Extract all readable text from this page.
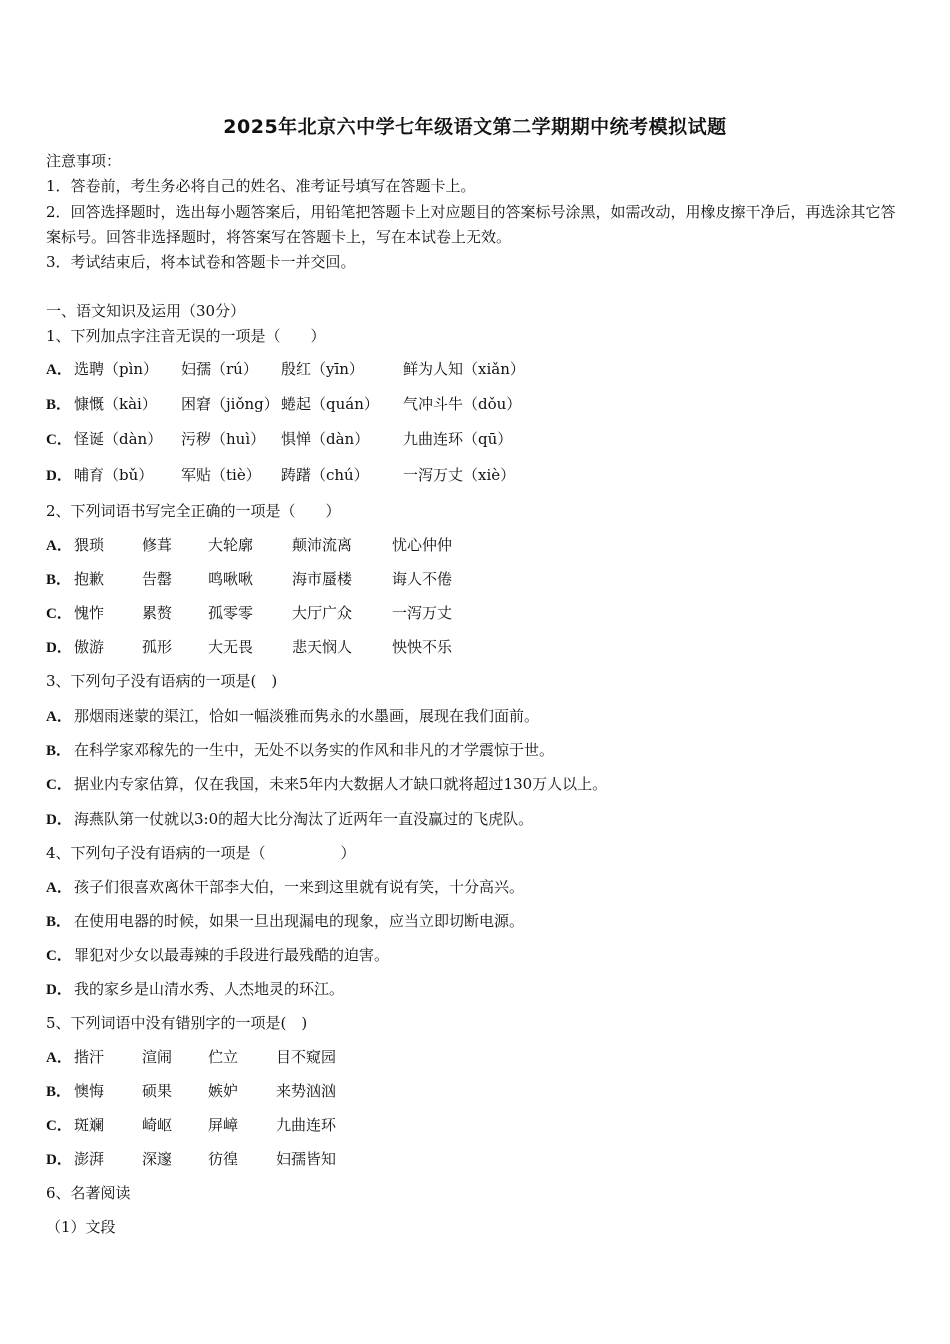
2025年北京六中学七年级语文第二学期期中统考模拟试题
注意事项：
1．答卷前，考生务必将自己的姓名、准考证号填写在答题卡上。
2．回答选择题时，选出每小题答案后，用铅笔把答题卡上对应题目的答案标号涂黑，如需改动，用橡皮擦干净后，再选涂其它答案标号。回答非选择题时，将答案写在答题卡上，写在本试卷上无效。
3．考试结束后，将本试卷和答题卡一并交回。
一、语文知识及运用（30分）
1、下列加点字注音无误的一项是（　　）
A． 选聘（pìn） 妇孺（rú） 殷红（yīn）	鲜为人知（xiǎn）
B． 慷慨（kài） 困窘（jiǒng） 蜷起（quán） 气冲斗牛（dǒu）
C． 怪诞（dàn） 污秽（huì） 惧惮（dàn） 九曲连环（qū）
D． 哺育（bǔ） 军贴（tiè） 踌躇（chú） 一泻万丈（xiè）
2、下列词语书写完全正确的一项是（　　）
A． 猥琐	修葺 大轮廓	颠沛流离	忧心仲仲
B． 抱歉	告罄 鸣啾啾	海市蜃楼	诲人不倦
C． 愧怍	累赘 孤零零	大厅广众	一泻万丈
D． 傲游	孤形 大无畏	悲天悯人	怏怏不乐
3、下列句子没有语病的一项是(　)
A． 那烟雨迷蒙的渠江，恰如一幅淡雅而隽永的水墨画，展现在我们面前。
B． 在科学家邓稼先的一生中，无处不以务实的作风和非凡的才学震惊于世。
C． 据业内专家估算，仅在我国，未来5年内大数据人才缺口就将超过130万人以上。
D． 海燕队第一仗就以3:0的超大比分淘汰了近两年一直没赢过的飞虎队。
4、下列句子没有语病的一项是（　　　　　）
A． 孩子们很喜欢离休干部李大伯，一来到这里就有说有笑，十分高兴。
B． 在使用电器的时候，如果一旦出现漏电的现象，应当立即切断电源。
C． 罪犯对少女以最毒辣的手段进行最残酷的迫害。
D． 我的家乡是山清水秀、人杰地灵的环江。
5、下列词语中没有错别字的一项是(　)
A． 揩汗	渲闹 伫立	目不窥园
B． 懊悔	硕果 嫉妒	来势汹汹
C． 斑斓	崎岖 屏嶂	九曲连环
D． 澎湃	深邃 彷徨	妇孺皆知
6、名著阅读
（1）文段
